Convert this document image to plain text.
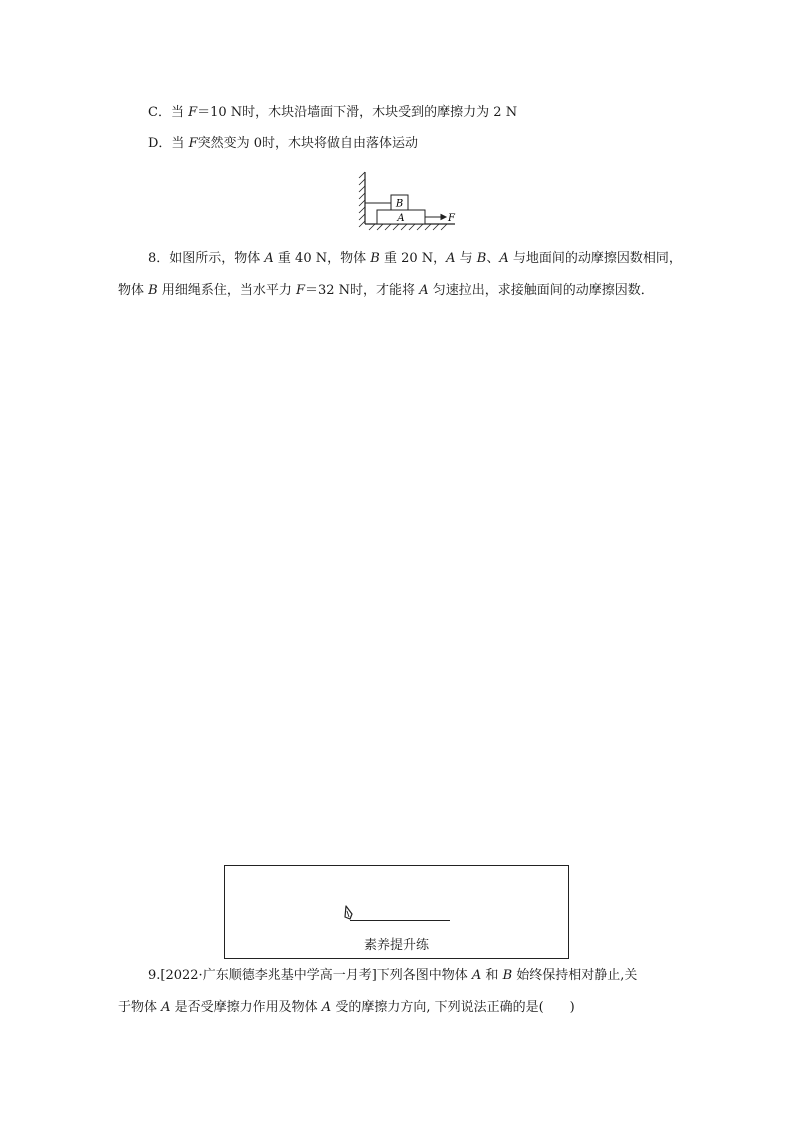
C．当 F＝10 N时，木块沿墙面下滑，木块受到的摩擦力为 2 N
D．当 F突然变为 0时，木块将做自由落体运动
B
A	F
8．如图所示，物体 A 重 40 N，物体 B 重 20 N，A 与 B、A 与地面间的动摩擦因数相同，
物体 B 用细绳系住，当水平力 F＝32 N时，才能将 A 匀速拉出，求接触面间的动摩擦因数．
素养提升练
9.[2022·广东顺德李兆基中学高一月考]下列各图中物体 A 和 B 始终保持相对静止,关
于物体 A 是否受摩擦力作用及物体 A 受的摩擦力方向, 下列说法正确的是(　　)
